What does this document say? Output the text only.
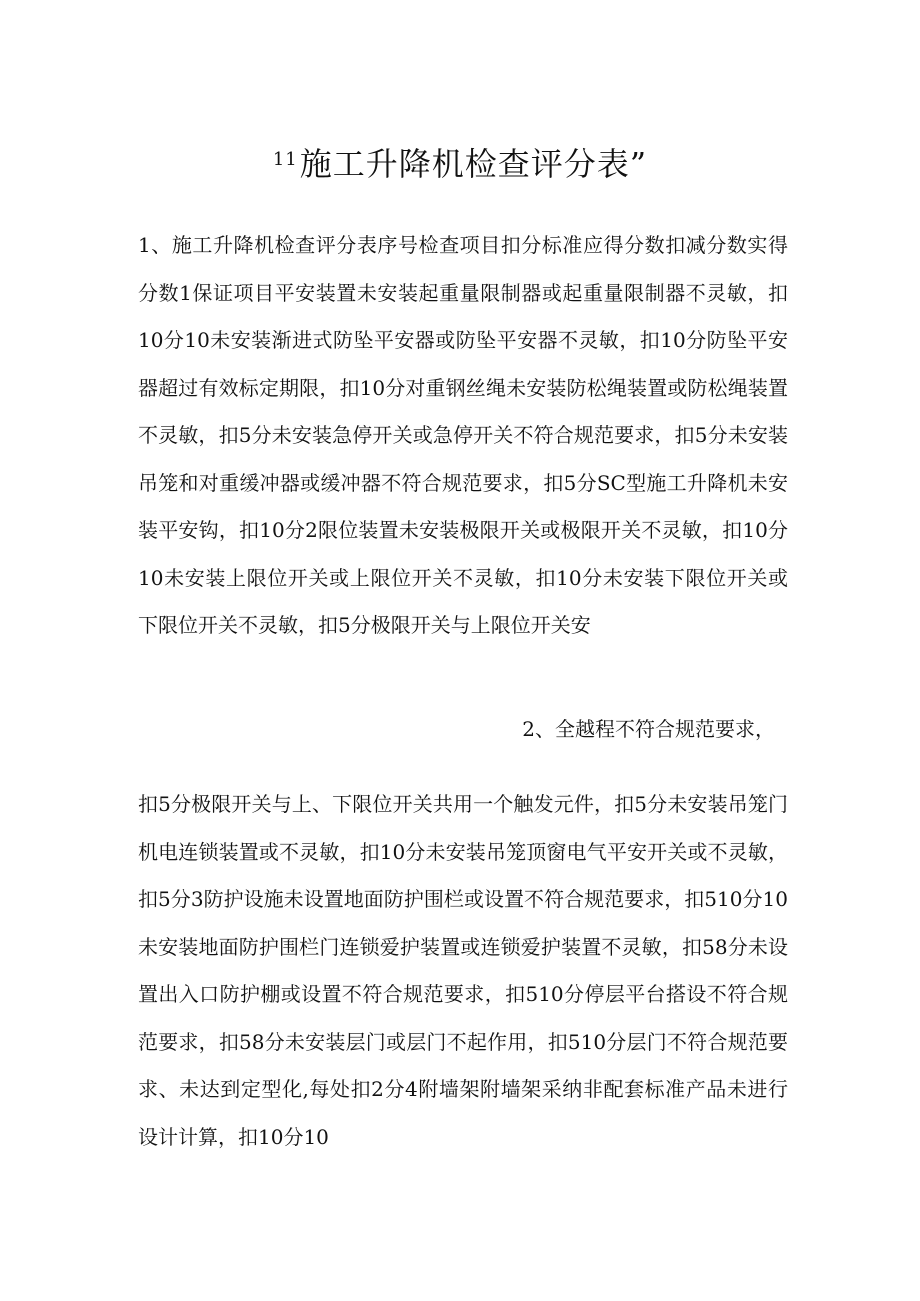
$^{11}$施工升降机检查评分表”

1、施工升降机检查评分表序号检查项目扣分标准应得分数扣减分数实得分数1保证项目平安装置未安装起重量限制器或起重量限制器不灵敏，扣10分10未安装渐进式防坠平安器或防坠平安器不灵敏，扣10分防坠平安器超过有效标定期限，扣10分对重钢丝绳未安装防松绳装置或防松绳装置不灵敏，扣5分未安装急停开关或急停开关不符合规范要求，扣5分未安装吊笼和对重缓冲器或缓冲器不符合规范要求，扣5分SC型施工升降机未安装平安钩，扣10分2限位装置未安装极限开关或极限开关不灵敏，扣10分10未安装上限位开关或上限位开关不灵敏，扣10分未安装下限位开关或下限位开关不灵敏，扣5分极限开关与上限位开关安

2、全越程不符合规范要求，

扣5分极限开关与上、下限位开关共用一个触发元件，扣5分未安装吊笼门机电连锁装置或不灵敏，扣10分未安装吊笼顶窗电气平安开关或不灵敏，扣5分3防护设施未设置地面防护围栏或设置不符合规范要求，扣510分10未安装地面防护围栏门连锁爱护装置或连锁爱护装置不灵敏，扣58分未设置出入口防护棚或设置不符合规范要求，扣510分停层平台搭设不符合规范要求，扣58分未安装层门或层门不起作用，扣510分层门不符合规范要求、未达到定型化,每处扣2分4附墙架附墙架采纳非配套标准产品未进行设计计算，扣10分10
